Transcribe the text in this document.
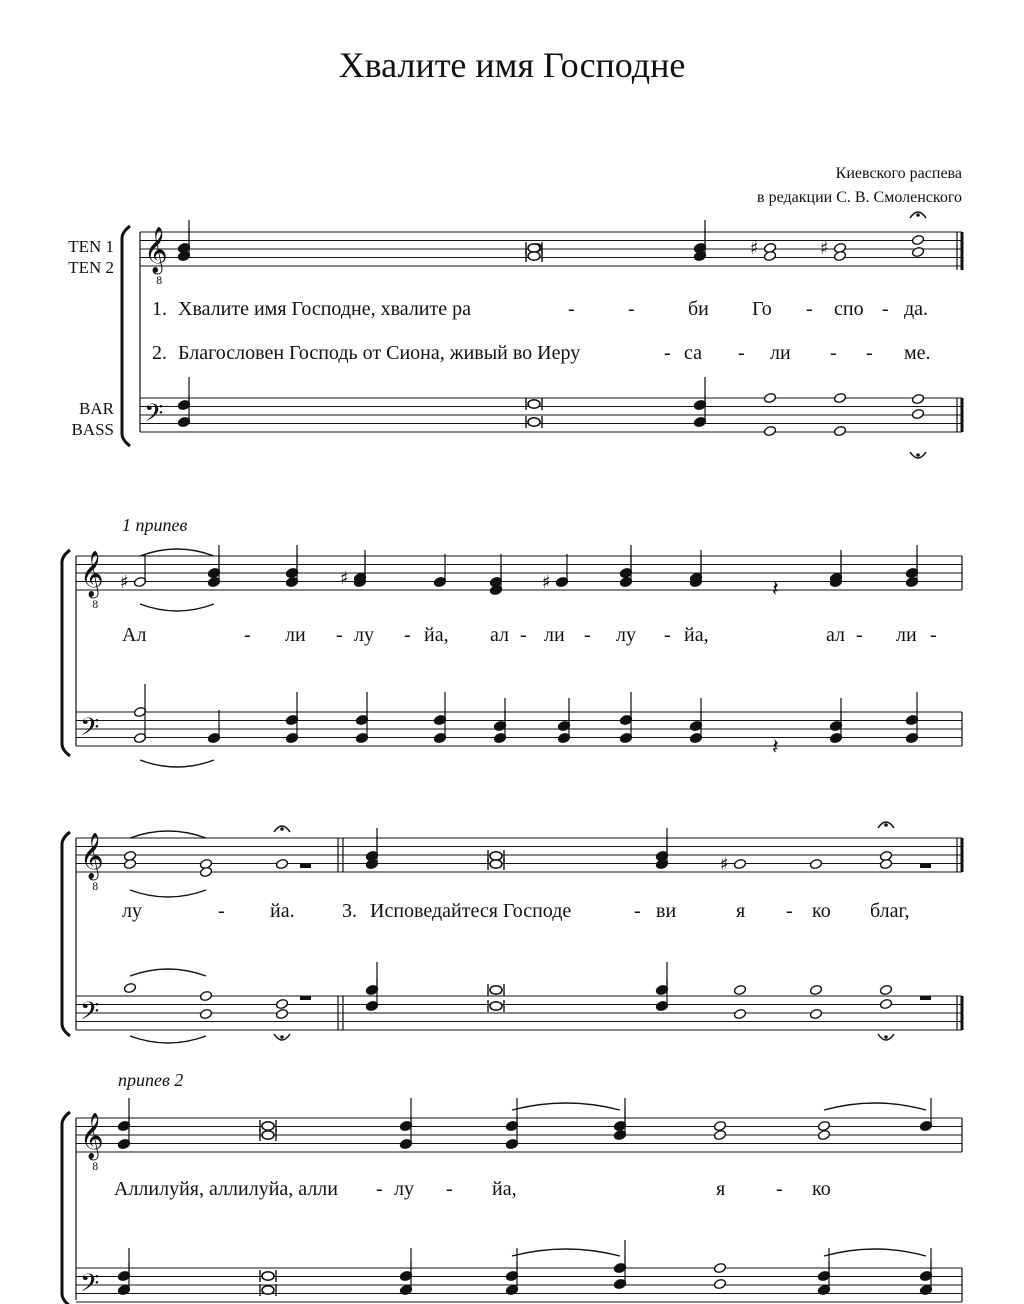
Хвалите имя Господне
Киевского распева
в редакции С. В. Смоленского
TEN 1
TEN 2
BAR
BASS
1 припев
припев 2
1. Хвалите имя Господне, хвалите ра	-	-	би Го - спо - да.
2. Благословен Господь от Сиона, живый во Иеру	- са - ли - - ме.
Ал	- ли - лу - йа, ал - ли - лу - йа,	ал - ли -
лу	- йа. 3. Исповедайтеся Господе	- ви	я - ко благ,
Аллилуйя, аллилуйа, алли - лу - йа,	я	- ко
𝄞
8
𝄢
𝄞
8
𝄢
𝄞
8
𝄢
𝄞
8
𝄢
♯	♯
♯	♯	♯	𝄽
𝄽
♯
